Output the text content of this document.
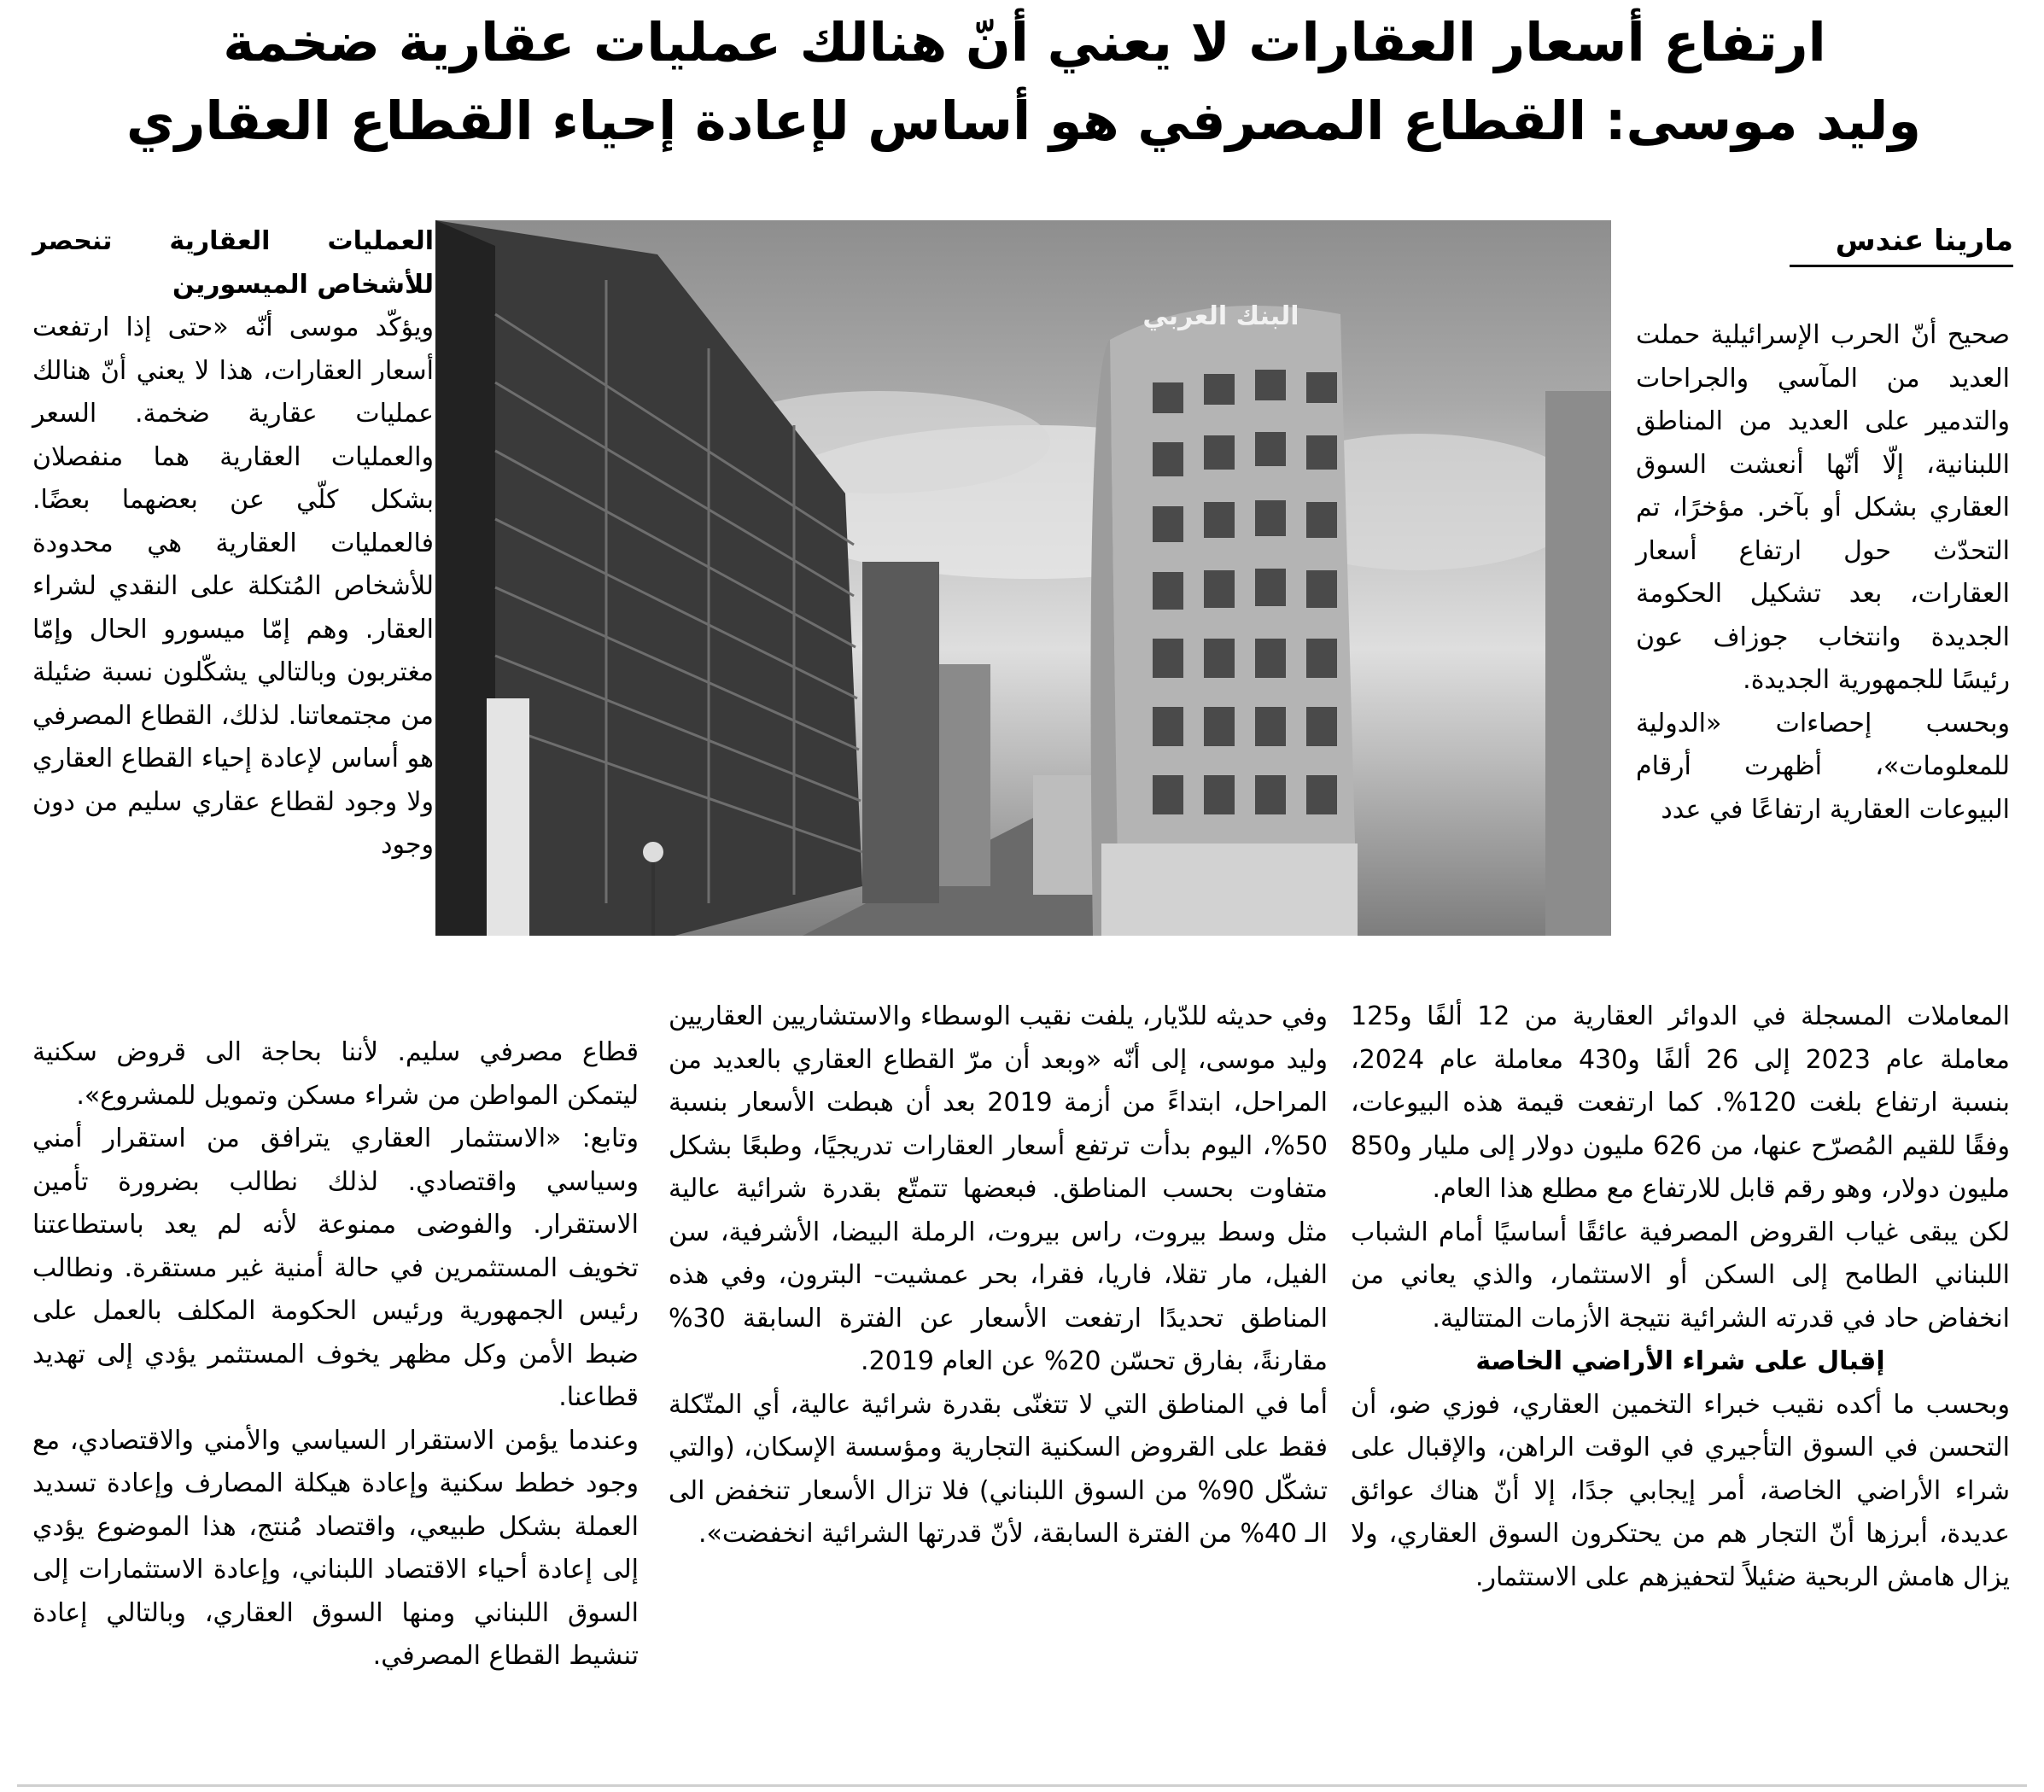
ارتفاع أسعار العقارات لا يعني أنّ هنالك عمليات عقارية ضخمة
وليد موسى: القطاع المصرفي هو أساس لإعادة إحياء القطاع العقاري
مارينا عندس
البنك العربي

صحيح أنّ الحرب الإسرائيلية حملت العديد من المآسي والجراحات والتدمير على العديد من المناطق اللبنانية، إلّا أنّها أنعشت السوق العقاري بشكل أو بآخر. مؤخرًا، تم التحدّث حول ارتفاع أسعار العقارات، بعد تشكيل الحكومة الجديدة وانتخاب جوزاف عون رئيسًا للجمهورية الجديدة.

وبحسب إحصاءات «الدولية للمعلومات»، أظهرت أرقام البيوعات العقارية ارتفاعًا في عدد

المعاملات المسجلة في الدوائر العقارية من 12 ألفًا و125 معاملة عام 2023 إلى 26 ألفًا و430 معاملة عام 2024، بنسبة ارتفاع بلغت 120%. كما ارتفعت قيمة هذه البيوعات، وفقًا للقيم المُصرّح عنها، من 626 مليون دولار إلى مليار و850 مليون دولار، وهو رقم قابل للارتفاع مع مطلع هذا العام.

لكن يبقى غياب القروض المصرفية عائقًا أساسيًا أمام الشباب اللبناني الطامح إلى السكن أو الاستثمار، والذي يعاني من انخفاض حاد في قدرته الشرائية نتيجة الأزمات المتتالية.

إقبال على شراء الأراضي الخاصة

وبحسب ما أكده نقيب خبراء التخمين العقاري، فوزي ضو، أن التحسن في السوق التأجيري في الوقت الراهن، والإقبال على شراء الأراضي الخاصة، أمر إيجابي جدًا، إلا أنّ هناك عوائق عديدة، أبرزها أنّ التجار هم من يحتكرون السوق العقاري، ولا يزال هامش الربحية ضئيلاً لتحفيزهم على الاستثمار.

وفي حديثه للدّيار، يلفت نقيب الوسطاء والاستشاريين العقاريين وليد موسى، إلى أنّه «وبعد أن مرّ القطاع العقاري بالعديد من المراحل، ابتداءً من أزمة 2019 بعد أن هبطت الأسعار بنسبة 50%، اليوم بدأت ترتفع أسعار العقارات تدريجيًا، وطبعًا بشكل متفاوت بحسب المناطق. فبعضها تتمتّع بقدرة شرائية عالية مثل وسط بيروت، راس بيروت، الرملة البيضا، الأشرفية، سن الفيل، مار تقلا، فاريا، فقرا، بحر عمشيت- البترون، وفي هذه المناطق تحديدًا ارتفعت الأسعار عن الفترة السابقة 30% مقارنةً، بفارق تحسّن 20% عن العام 2019.

أما في المناطق التي لا تتغنّى بقدرة شرائية عالية، أي المتّكلة فقط على القروض السكنية التجارية ومؤسسة الإسكان، (والتي تشكّل 90% من السوق اللبناني) فلا تزال الأسعار تنخفض الى الـ 40% من الفترة السابقة، لأنّ قدرتها الشرائية انخفضت».

العمليات العقارية تنحصر للأشخاص الميسورين

ويؤكّد موسى أنّه «حتى إذا ارتفعت أسعار العقارات، هذا لا يعني أنّ هنالك عمليات عقارية ضخمة. السعر والعمليات العقارية هما منفصلان بشكل كلّي عن بعضهما بعضًا. فالعمليات العقارية هي محدودة للأشخاص المُتكلة على النقدي لشراء العقار. وهم إمّا ميسورو الحال وإمّا مغتربون وبالتالي يشكّلون نسبة ضئيلة من مجتمعاتنا. لذلك، القطاع المصرفي هو أساس لإعادة إحياء القطاع العقاري ولا وجود لقطاع عقاري سليم من دون وجود

قطاع مصرفي سليم. لأننا بحاجة الى قروض سكنية ليتمكن المواطن من شراء مسكن وتمويل للمشروع».

وتابع: «الاستثمار العقاري يترافق من استقرار أمني وسياسي واقتصادي. لذلك نطالب بضرورة تأمين الاستقرار. والفوضى ممنوعة لأنه لم يعد باستطاعتنا تخويف المستثمرين في حالة أمنية غير مستقرة. ونطالب رئيس الجمهورية ورئيس الحكومة المكلف بالعمل على ضبط الأمن وكل مظهر يخوف المستثمر يؤدي إلى تهديد قطاعنا.

وعندما يؤمن الاستقرار السياسي والأمني والاقتصادي، مع وجود خطط سكنية وإعادة هيكلة المصارف وإعادة تسديد العملة بشكل طبيعي، واقتصاد مُنتج، هذا الموضوع يؤدي إلى إعادة أحياء الاقتصاد اللبناني، وإعادة الاستثمارات إلى السوق اللبناني ومنها السوق العقاري، وبالتالي إعادة تنشيط القطاع المصرفي.
